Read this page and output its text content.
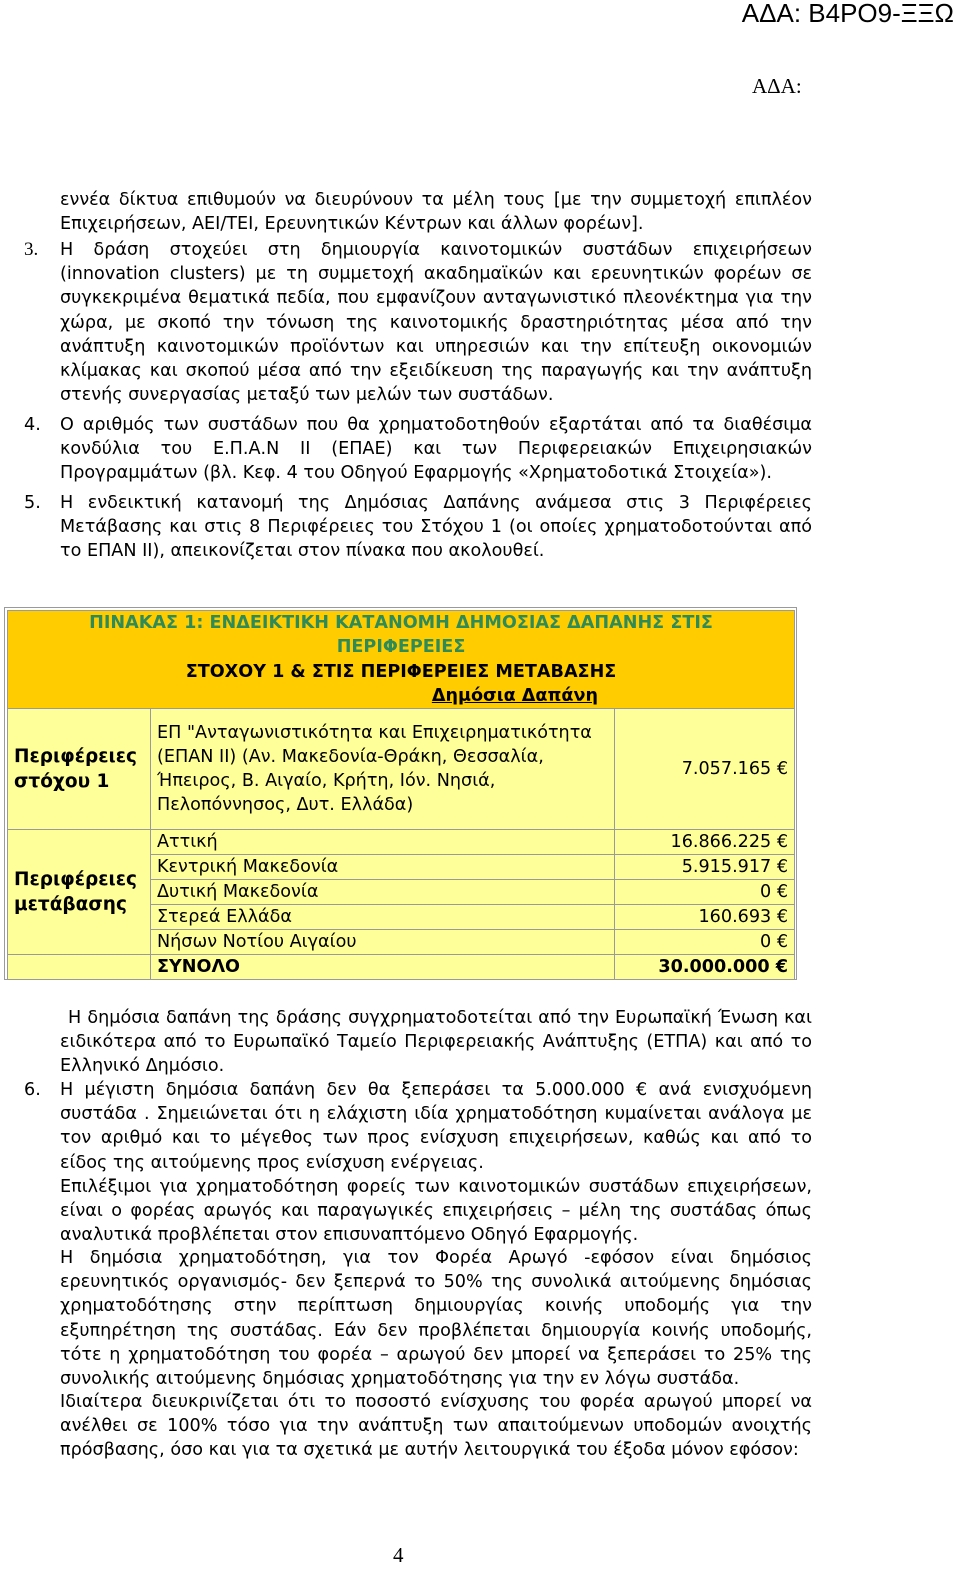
ΑΔΑ: Β4ΡΟ9-ΞΞΩ
ΑΔΑ:
εννέα δίκτυα επιθυμούν να διευρύνουν τα μέλη τους [με την συμμετοχή επιπλέον Επιχειρήσεων, ΑΕΙ/ΤΕΙ, Ερευνητικών Κέντρων και άλλων φορέων].
3. Η δράση στοχεύει στη δημιουργία καινοτομικών συστάδων επιχειρήσεων (innovation clusters) με τη συμμετοχή ακαδημαϊκών και ερευνητικών φορέων σε συγκεκριμένα θεματικά πεδία, που εμφανίζουν ανταγωνιστικό πλεονέκτημα για την χώρα, με σκοπό την τόνωση της καινοτομικής δραστηριότητας μέσα από την ανάπτυξη καινοτομικών προϊόντων και υπηρεσιών και την επίτευξη οικονομιών κλίμακας και σκοπού μέσα από την εξειδίκευση της παραγωγής και την ανάπτυξη στενής συνεργασίας μεταξύ των μελών των συστάδων.
4. Ο αριθμός των συστάδων που θα χρηματοδοτηθούν εξαρτάται από τα διαθέσιμα κονδύλια του Ε.Π.Α.Ν ΙΙ (ΕΠΑΕ) και των Περιφερειακών Επιχειρησιακών Προγραμμάτων (βλ. Κεφ. 4 του Οδηγού Εφαρμογής «Χρηματοδοτικά Στοιχεία»).
5. Η ενδεικτική κατανομή της Δημόσιας Δαπάνης ανάμεσα στις 3 Περιφέρειες Μετάβασης και στις 8 Περιφέρειες του Στόχου 1 (οι οποίες χρηματοδοτούνται από το ΕΠΑΝ ΙΙ), απεικονίζεται στον πίνακα που ακολουθεί.
ΠΙΝΑΚΑΣ 1: ΕΝΔΕΙΚΤΙΚΗ ΚΑΤΑΝΟΜΗ ΔΗΜΟΣΙΑΣ ΔΑΠΑΝΗΣ ΣΤΙΣ
ΠΕΡΙΦΕΡΕΙΕΣ
ΣΤΟΧΟΥ 1 & ΣΤΙΣ ΠΕΡΙΦΕΡΕΙΕΣ ΜΕΤΑΒΑΣΗΣ
Δημόσια Δαπάνη		

Περιφέρειες στόχου 1	ΕΠ "Ανταγωνιστικότητα και Επιχειρηματικότητα (ΕΠΑΝ ΙΙ) (Αν. Μακεδονία-Θράκη, Θεσσαλία, Ήπειρος, Β. Αιγαίο, Κρήτη, Ιόν. Νησιά, Πελοπόννησος, Δυτ. Ελλάδα)	7.057.165 €
Περιφέρειες μετάβασης	Αττική	16.866.225 €
	Κεντρική Μακεδονία	5.915.917 €
	Δυτική Μακεδονία	0 €
	Στερεά Ελλάδα	160.693 €
	Νήσων Νοτίου Αιγαίου	0 €
	ΣΥΝΟΛΟ	30.000.000 €
Η δημόσια δαπάνη της δράσης συγχρηματοδοτείται από την Ευρωπαϊκή Ένωση και ειδικότερα από το Ευρωπαϊκό Ταμείο Περιφερειακής Ανάπτυξης (ΕΤΠΑ) και από το Ελληνικό Δημόσιο.
6. Η μέγιστη δημόσια δαπάνη δεν θα ξεπεράσει τα 5.000.000 € ανά ενισχυόμενη συστάδα . Σημειώνεται ότι η ελάχιστη ιδία χρηματοδότηση κυμαίνεται ανάλογα με τον αριθμό και το μέγεθος των προς ενίσχυση επιχειρήσεων, καθώς και από το είδος της αιτούμενης προς ενίσχυση ενέργειας.
Επιλέξιμοι για χρηματοδότηση φορείς των καινοτομικών συστάδων επιχειρήσεων, είναι ο φορέας αρωγός και παραγωγικές επιχειρήσεις – μέλη της συστάδας όπως αναλυτικά προβλέπεται στον επισυναπτόμενο Οδηγό Εφαρμογής.
Η δημόσια χρηματοδότηση, για τον Φορέα Αρωγό -εφόσον είναι δημόσιος ερευνητικός οργανισμός- δεν ξεπερνά το 50% της συνολικά αιτούμενης δημόσιας χρηματοδότησης στην περίπτωση δημιουργίας κοινής υποδομής για την εξυπηρέτηση της συστάδας. Εάν δεν προβλέπεται δημιουργία κοινής υποδομής, τότε η χρηματοδότηση του φορέα – αρωγού δεν μπορεί να ξεπεράσει το 25% της συνολικής αιτούμενης δημόσιας χρηματοδότησης για την εν λόγω συστάδα.
Ιδιαίτερα διευκρινίζεται ότι το ποσοστό ενίσχυσης του φορέα αρωγού μπορεί να ανέλθει σε 100% τόσο για την ανάπτυξη των απαιτούμενων υποδομών ανοιχτής πρόσβασης, όσο και για τα σχετικά με αυτήν λειτουργικά του έξοδα μόνον εφόσον:
4
